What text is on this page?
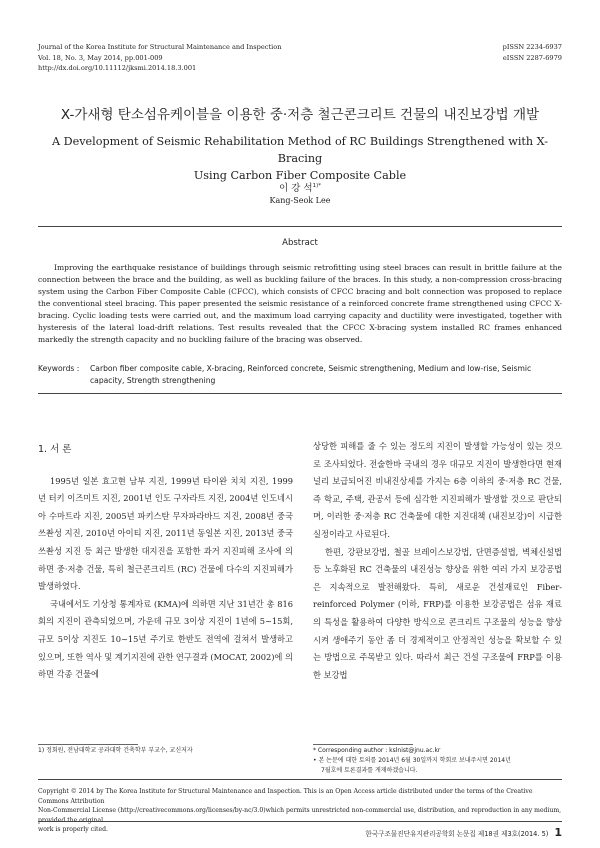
Journal of the Korea Institute for Structural Maintenance and Inspection
Vol. 18, No. 3, May 2014, pp.001-009
http://dx.doi.org/10.11112/jksmi.2014.18.3.001
pISSN 2234-6937
eISSN 2287-6979
X-가새형 탄소섬유케이블을 이용한 중·저층 철근콘크리트 건물의 내진보강법 개발
A Development of Seismic Rehabilitation Method of RC Buildings Strengthened with X-Bracing
Using Carbon Fiber Composite Cable
이 강 석$^{1)*}$
Kang-Seok Lee
Abstract

Improving the earthquake resistance of buildings through seismic retrofitting using steel braces can result in brittle failure at the connection between the brace and the building, as well as buckling failure of the braces. In this study, a non-compression cross-bracing system using the Carbon Fiber Composite Cable (CFCC), which consists of CFCC bracing and bolt connection was proposed to replace the conventional steel bracing. This paper presented the seismic resistance of a reinforced concrete frame strengthened using CFCC X-bracing. Cyclic loading tests were carried out, and the maximum load carrying capacity and ductility were investigated, together with hysteresis of the lateral load-drift relations. Test results revealed that the CFCC X-bracing system installed RC frames enhanced markedly the strength capacity and no buckling failure of the bracing was observed.

Keywords : Carbon fiber composite cable, X-bracing, Reinforced concrete, Seismic strengthening, Medium and low-rise, Seismic capacity, Strength strengthening

1. 서 론

1995년 일본 효고현 남부 지진, 1999년 타이완 치치 지진, 1999년 터키 이즈미트 지진, 2001년 인도 구자라트 지진, 2004년 인도네시아 수마트라 지진, 2005년 파키스탄 무자파라바드 지진, 2008년 중국 쓰촨성 지진, 2010년 아이티 지진, 2011년 동일본 지진, 2013년 중국 쓰촨성 지진 등 최근 발생한 대지진을 포함한 과거 지진피해 조사에 의하면 중·저층 건물, 특히 철근콘크리트 (RC) 건물에 다수의 지진피해가 발생하였다.

국내에서도 기상청 통계자료 (KMA)에 의하면 지난 31년간 총 816회의 지진이 관측되었으며, 가운데 규모 3이상 지진이 1년에 5~15회, 규모 5이상 지진도 10~15년 주기로 한반도 전역에 걸쳐서 발생하고 있으며, 또한 역사 및 계기지진에 관한 연구결과 (MOCAT, 2002)에 의하면 각종 건물에

상당한 피해를 줄 수 있는 정도의 지진이 발생할 가능성이 있는 것으로 조사되었다. 전술한바 국내의 경우 대규모 지진이 발생한다면 현재 널리 보급되어진 비내진상세를 가지는 6층 이하의 중·저층 RC 건물, 즉 학교, 주택, 관공서 등에 심각한 지진피해가 발생할 것으로 판단되며, 이러한 중·저층 RC 건축물에 대한 지진대책 (내진보강)이 시급한 실정이라고 사료된다.

한편, 강판보강법, 철골 브레이스보강법, 단면증설법, 벽체신설법 등 노후화된 RC 건축물의 내진성능 향상을 위한 여러 가지 보강공법은 지속적으로 발전해왔다. 특히, 새로운 건설재료인 Fiber-reinforced Polymer (이하, FRP)를 이용한 보강공법은 섬유 재료의 특성을 활용하여 다양한 방식으로 콘크리트 구조물의 성능을 향상시켜 생애주기 동안 좀 더 경제적이고 안정적인 성능을 확보할 수 있는 방법으로 주목받고 있다. 따라서 최근 건설 구조물에 FRP를 이용한 보강법

1) 정회원, 전남대학교 공과대학 건축학부 부교수, 교신저자	* Corresponding author : kslnist@jnu.ac.kr
• 본 논문에 대한 토의를 2014년 6월 30일까지 학회로 보내주시면 2014년
7월호에 토론결과를 게재하겠습니다.
Copyright © 2014 by The Korea Institute for Structural Maintenance and Inspection. This is an Open Access article distributed under the terms of the Creative Commons Attribution
Non-Commercial License (http://creativecommons.org/licenses/by-nc/3.0)which permits unrestricted non-commercial use, distribution, and reproduction in any medium, provided the original
work is properly cited.	한국구조물진단유지관리공학회 논문집 제18권 제3호(2014. 5) 1
